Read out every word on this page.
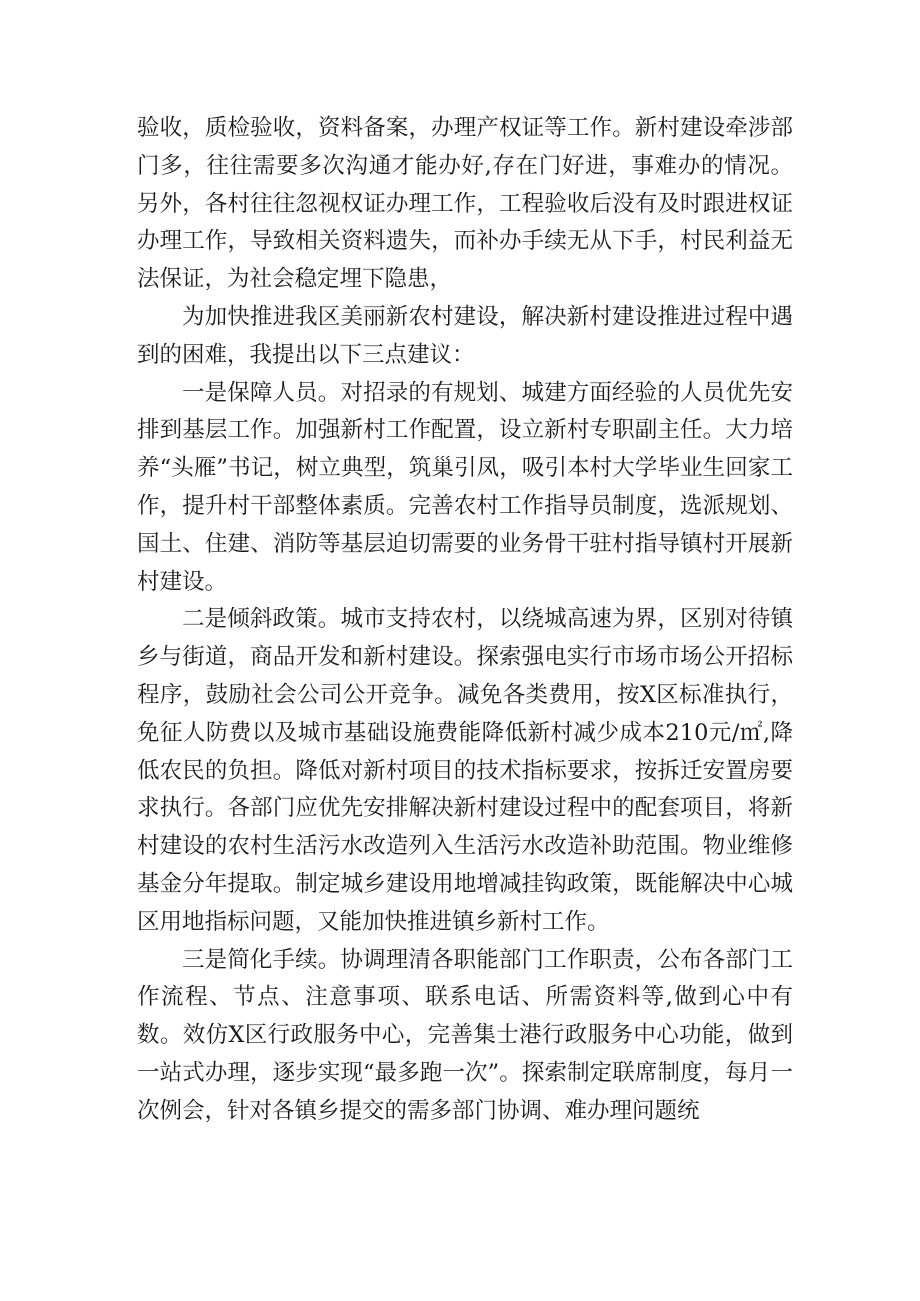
验收，质检验收，资料备案，办理产权证等工作。新村建设牵涉部门多，往往需要多次沟通才能办好,存在门好进，事难办的情况。另外，各村往往忽视权证办理工作，工程验收后没有及时跟进权证办理工作，导致相关资料遗失，而补办手续无从下手，村民利益无法保证，为社会稳定埋下隐患，

为加快推进我区美丽新农村建设，解决新村建设推进过程中遇到的困难，我提出以下三点建议：

一是保障人员。对招录的有规划、城建方面经验的人员优先安排到基层工作。加强新村工作配置，设立新村专职副主任。大力培养“头雁”书记，树立典型，筑巢引凤，吸引本村大学毕业生回家工作，提升村干部整体素质。完善农村工作指导员制度，选派规划、国土、住建、消防等基层迫切需要的业务骨干驻村指导镇村开展新村建设。

二是倾斜政策。城市支持农村，以绕城高速为界，区别对待镇乡与街道，商品开发和新村建设。探索强电实行市场市场公开招标程序，鼓励社会公司公开竞争。减免各类费用，按X区标准执行，免征人防费以及城市基础设施费能降低新村减少成本210元/㎡,降低农民的负担。降低对新村项目的技术指标要求，按拆迁安置房要求执行。各部门应优先安排解决新村建设过程中的配套项目，将新村建设的农村生活污水改造列入生活污水改造补助范围。物业维修基金分年提取。制定城乡建设用地增减挂钩政策，既能解决中心城区用地指标问题，又能加快推进镇乡新村工作。

三是简化手续。协调理清各职能部门工作职责，公布各部门工作流程、节点、注意事项、联系电话、所需资料等,做到心中有数。效仿X区行政服务中心，完善集士港行政服务中心功能，做到一站式办理，逐步实现“最多跑一次”。探索制定联席制度，每月一次例会，针对各镇乡提交的需多部门协调、难办理问题统
